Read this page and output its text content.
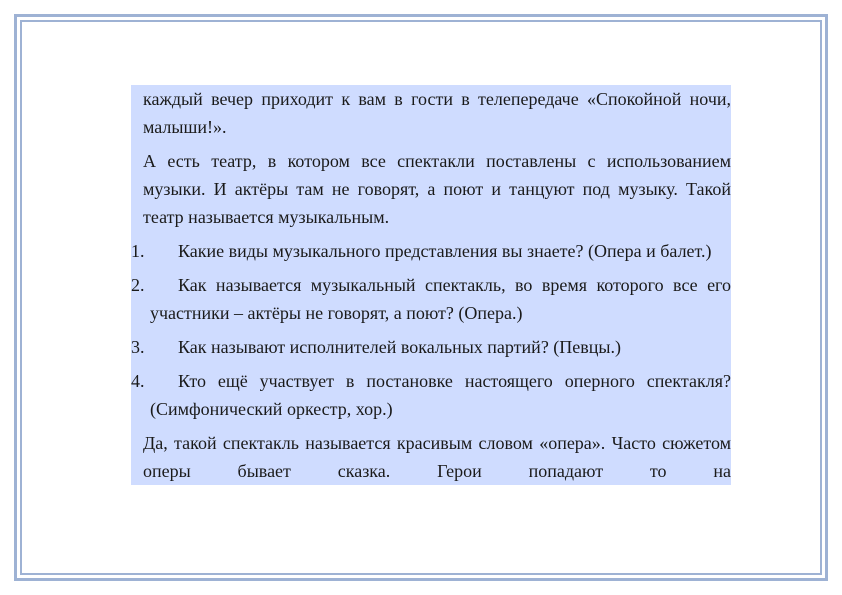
каждый вечер приходит к вам в гости в телепередаче «Спокойной ночи, малыши!».

А есть театр, в котором все спектакли поставлены с использованием музыки. И актёры там не говорят, а поют и танцуют под музыку. Такой театр называется музыкальным.

1.	Какие виды музыкального представления вы знаете? (Опера и балет.)
2.	Как называется музыкальный спектакль, во время которого все его участники – актёры не говорят, а поют? (Опера.)
3.	Как называют исполнителей вокальных партий? (Певцы.)
4.	Кто ещё участвует в постановке настоящего оперного спектакля? (Симфонический оркестр, хор.)

Да, такой спектакль называется красивым словом «опера». Часто сюжетом оперы бывает сказка. Герои попадают то на
